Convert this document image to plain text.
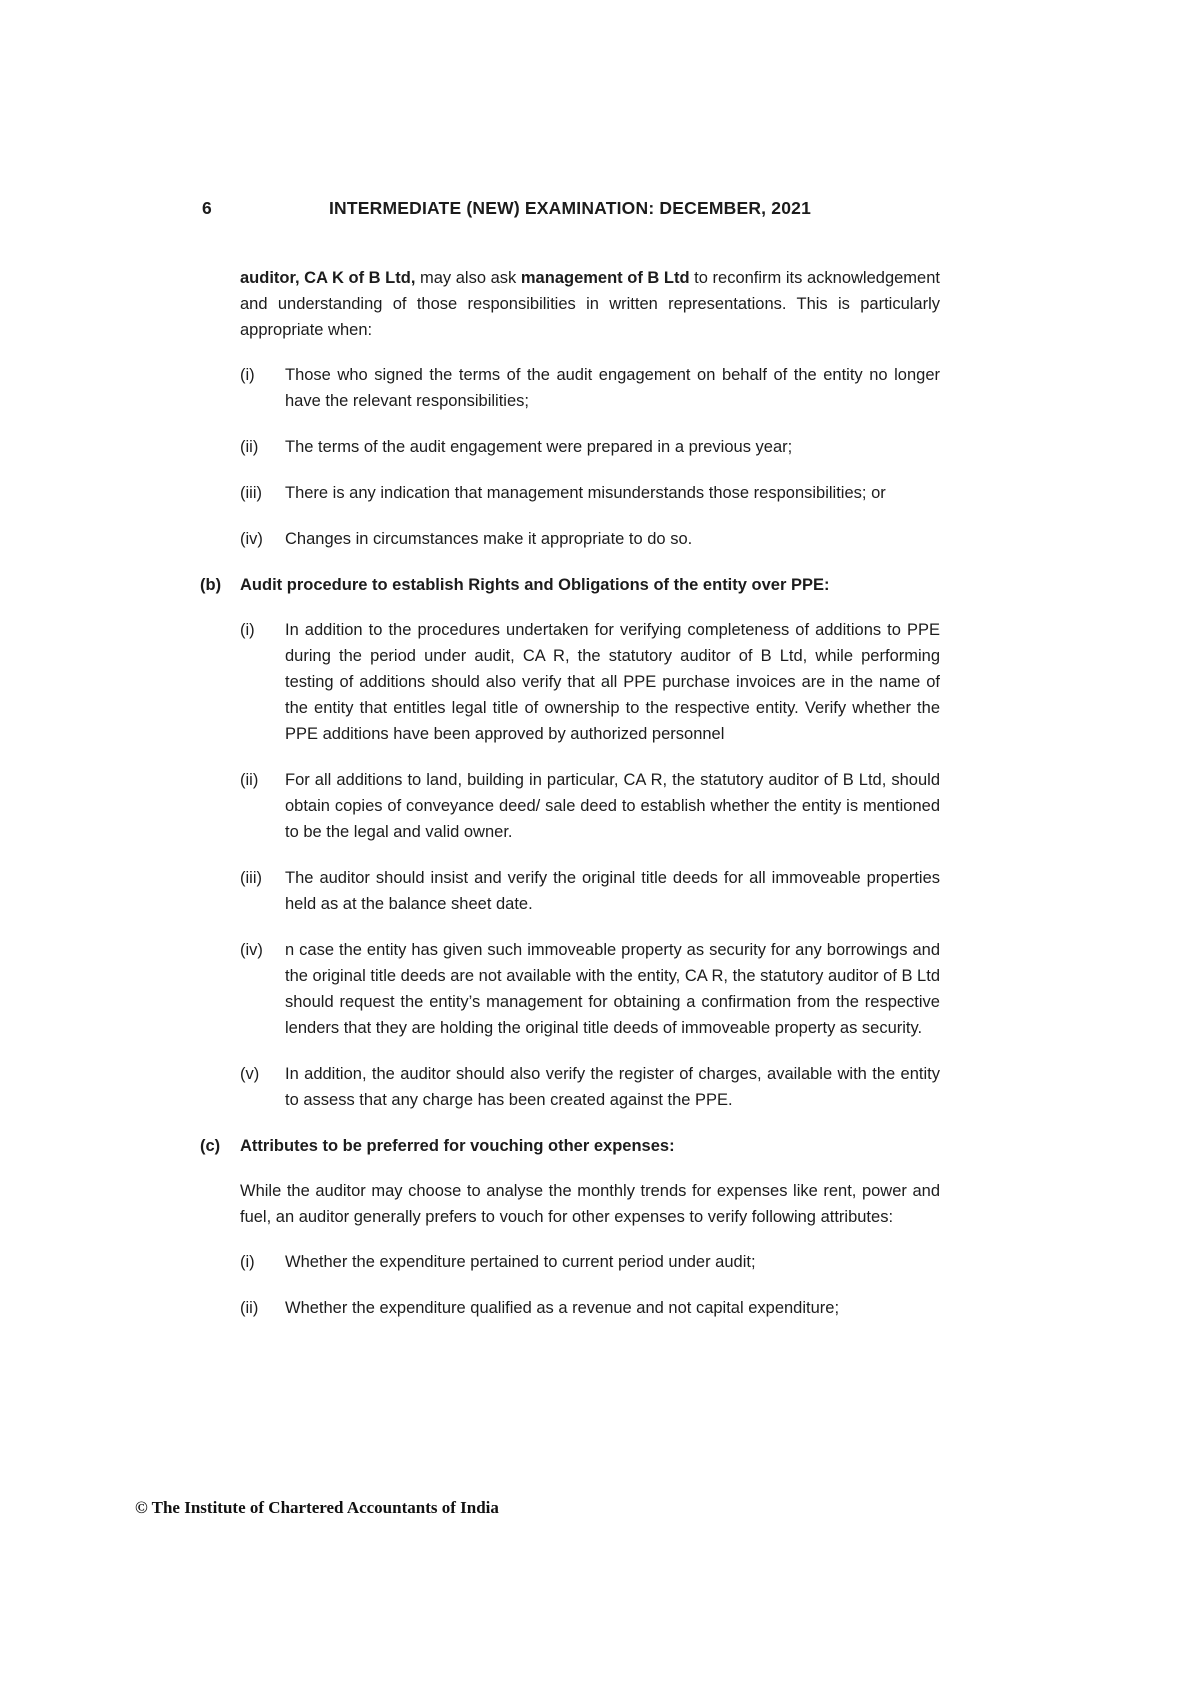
6	INTERMEDIATE (NEW) EXAMINATION: DECEMBER, 2021

auditor, CA K of B Ltd, may also ask management of B Ltd to reconfirm its acknowledgement and understanding of those responsibilities in written representations. This is particularly appropriate when:

(i)	Those who signed the terms of the audit engagement on behalf of the entity no longer have the relevant responsibilities;
(ii)	The terms of the audit engagement were prepared in a previous year;
(iii)	There is any indication that management misunderstands those responsibilities; or
(iv)	Changes in circumstances make it appropriate to do so.
(b)	Audit procedure to establish Rights and Obligations of the entity over PPE:
(i)	In addition to the procedures undertaken for verifying completeness of additions to PPE during the period under audit, CA R, the statutory auditor of B Ltd, while performing testing of additions should also verify that all PPE purchase invoices are in the name of the entity that entitles legal title of ownership to the respective entity. Verify whether the PPE additions have been approved by authorized personnel
(ii)	For all additions to land, building in particular, CA R, the statutory auditor of B Ltd, should obtain copies of conveyance deed/ sale deed to establish whether the entity is mentioned to be the legal and valid owner.
(iii)	The auditor should insist and verify the original title deeds for all immoveable properties held as at the balance sheet date.
(iv)	n case the entity has given such immoveable property as security for any borrowings and the original title deeds are not available with the entity, CA R, the statutory auditor of B Ltd should request the entity’s management for obtaining a confirmation from the respective lenders that they are holding the original title deeds of immoveable property as security.
(v)	In addition, the auditor should also verify the register of charges, available with the entity to assess that any charge has been created against the PPE.
(c)	Attributes to be preferred for vouching other expenses:

While the auditor may choose to analyse the monthly trends for expenses like rent, power and fuel, an auditor generally prefers to vouch for other expenses to verify following attributes:

(i)	Whether the expenditure pertained to current period under audit;
(ii)	Whether the expenditure qualified as a revenue and not capital expenditure;
© The Institute of Chartered Accountants of India
